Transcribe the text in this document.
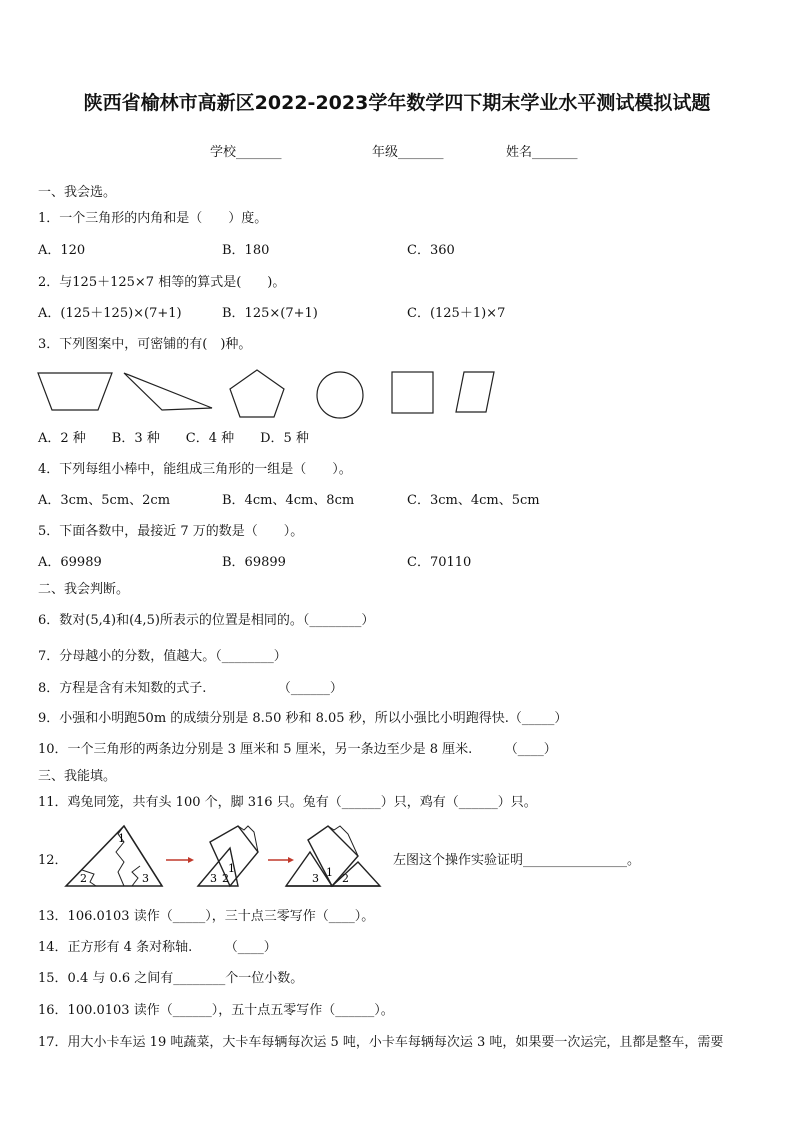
陕西省榆林市高新区2022-2023学年数学四下期末学业水平测试模拟试题
学校_______	年级_______	姓名_______
一、我会选。
1．一个三角形的内角和是（　　）度。
A．120	B．180	C．360
2．与125＋125×7 相等的算式是(　　)。
A．(125＋125)×(7+1)	B．125×(7+1)	C．(125＋1)×7
3．下列图案中，可密铺的有(　)种。
A．2 种　　B．3 种　　C．4 种　　D．5 种
4．下列每组小棒中，能组成三角形的一组是（　　）。
A．3cm、5cm、2cm	B．4cm、4cm、8cm	C．3cm、4cm、5cm
5．下面各数中，最接近 7 万的数是（　　）。
A．69989	B．69899	C．70110
二、我会判断。
6．数对(5,4)和(4,5)所表示的位置是相同的。（________）
7．分母越小的分数，值越大。（________）
8．方程是含有未知数的式子.　　　　　　（______）
9．小强和小明跑50m 的成绩分别是 8.50 秒和 8.05 秒，所以小强比小明跑得快.（_____）
10．一个三角形的两条边分别是 3 厘米和 5 厘米，另一条边至少是 8 厘米.　　　（____）
三、我能填。
11．鸡兔同笼，共有头 100 个，脚 316 只。兔有（______）只，鸡有（______）只。
12．
1
2	3	2
3
1
3 1 2
左图这个操作实验证明________________。
13．106.0103 读作（_____），三十点三零写作（____）。
14．正方形有 4 条对称轴.　　　（____）
15．0.4 与 0.6 之间有________个一位小数。
16．100.0103 读作（______），五十点五零写作（______）。
17．用大小卡车运 19 吨蔬菜，大卡车每辆每次运 5 吨，小卡车每辆每次运 3 吨，如果要一次运完，且都是整车，需要
